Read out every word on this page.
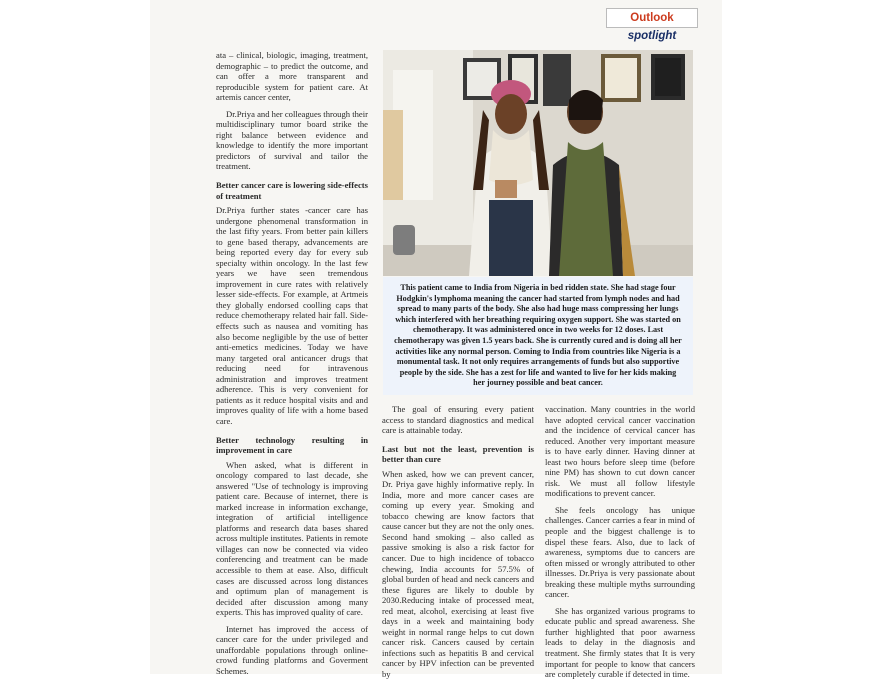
Outlook spotlight

ata – clinical, biologic, imaging, treatment, demographic – to predict the outcome, and can offer a more transparent and reproducible system for patient care. At artemis cancer center,

Dr.Priya and her colleagues through their multidisciplinary tumor board strike the right balance between evidence and knowledge to identify the more important predictors of survival and tailor the treatment.

Better cancer care is lowering side-effects of treatment

Dr.Priya further states -cancer care has undergone phenomenal transformation in the last fifty years. From better pain killers to gene based therapy, advancements are being reported every day for every sub specialty within oncology. In the last few years we have seen tremendous improvement in cure rates with relatively lesser side-effects. For example, at Artmeis they globally endorsed coolling caps that reduce chemotherapy related hair fall. Side-effects such as nausea and vomiting has also become negligible by the use of better anti-emetics medicines. Today we have many targeted oral anticancer drugs that reducing need for intravenous administration and improves treatment adherence. This is very convenient for patients as it reduce hospital visits and and improves quality of life with a home based care.

Better technology resulting in improvement in care

When asked, what is different in oncology compared to last decade, she answered "Use of technology is improving patient care. Because of internet, there is marked increase in information exchange, integration of artificial intelligence platforms and research data bases shared across multiple institutes. Patients in remote villages can now be connected via video conferencing and treatment can be made accessible to them at ease. Also, difficult cases are discussed across long distances and optimum plan of management is decided after discussion among many experts. This has improved quality of care.

Internet has improved the access of cancer care for the under privileged and unaffordable populations through online-crowd funding platforms and Goverment Schemes.

This patient came to India from Nigeria in bed ridden state. She had stage four Hodgkin's lymphoma meaning the cancer had started from lymph nodes and had spread to many parts of the body. She also had huge mass compressing her lungs which interfered with her breathing requiring oxygen support. She was started on chemotherapy. It was administered once in two weeks for 12 doses. Last chemotherapy was given 1.5 years back. She is currently cured and is doing all her activities like any normal person. Coming to India from countries like Nigeria is a monumental task. It not only requires arrangements of funds but also supportive people by the side. She has a zest for life and wanted to live for her kids making her journey possible and beat cancer.

The goal of ensuring every patient access to standard diagnostics and medical care is attainable today.

Last but not the least, prevention is better than cure

When asked, how we can prevent cancer, Dr. Priya gave highly informative reply. In India, more and more cancer cases are coming up every year. Smoking and tobacco chewing are know factors that cause cancer but they are not the only ones. Second hand smoking – also called as passive smoking is also a risk factor for cancer. Due to high incidence of tobacco chewing, India accounts for 57.5% of global burden of head and neck cancers and these figures are likely to double by 2030.Reducing intake of processed meat, red meat, alcohol, exercising at least five days in a week and maintaining body weight in normal range helps to cut down cancer risk. Cancers caused by certain infections such as hepatitis B and cervical cancer by HPV infection can be prevented by

vaccination. Many countries in the world have adopted cervical cancer vaccination and the incidence of cervical cancer has reduced. Another very important measure is to have early dinner. Having dinner at least two hours before sleep time (before nine PM) has shown to cut down cancer risk. We must all follow lifestyle modifications to prevent cancer.

She feels oncology has unique challenges. Cancer carries a fear in mind of people and the biggest challenge is to dispel these fears. Also, due to lack of awareness, symptoms due to cancers are often missed or wrongly attributed to other illnesses. Dr.Priya is very passionate about breaking these multiple myths surrounding cancer.

She has organized various programs to educate public and spread awareness. She further highlighted that poor awarness leads to delay in the diagnosis and treatment. She firmly states that It is very important for people to know that cancers are completely curable if detected in time.
